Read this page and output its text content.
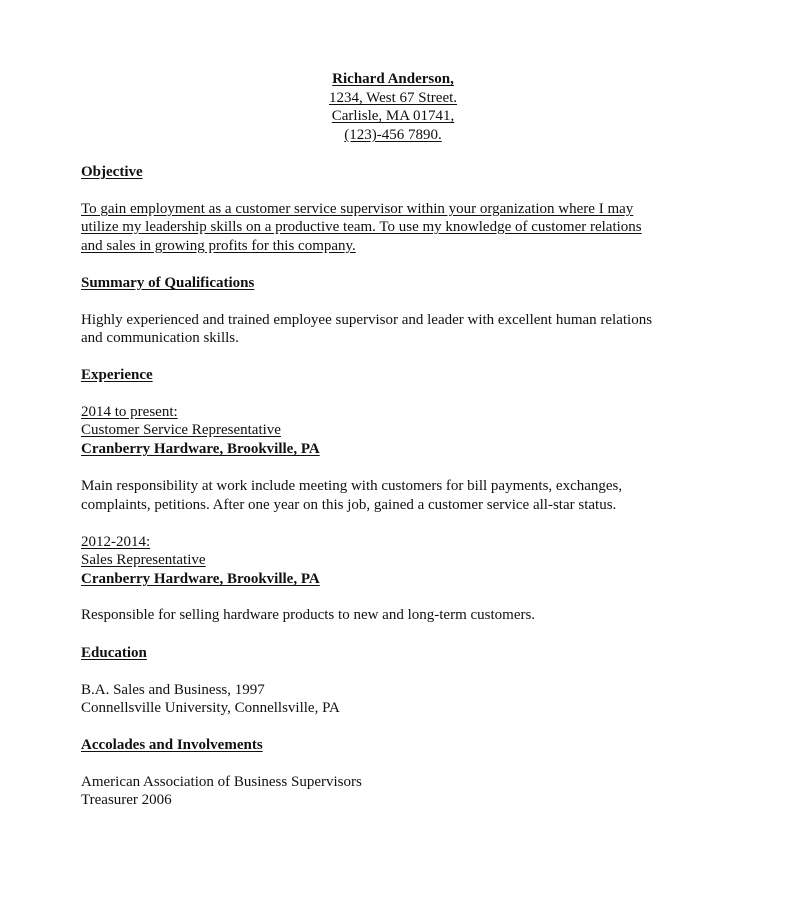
Richard Anderson,
1234, West 67 Street.
Carlisle, MA 01741,
(123)-456 7890.
Objective
To gain employment as a customer service supervisor within your organization where I may
utilize my leadership skills on a productive team. To use my knowledge of customer relations
and sales in growing profits for this company.
Summary of Qualifications
Highly experienced and trained employee supervisor and leader with excellent human relations
and communication skills.
Experience
2014 to present:
Customer Service Representative
Cranberry Hardware, Brookville, PA
Main responsibility at work include meeting with customers for bill payments, exchanges,
complaints, petitions. After one year on this job, gained a customer service all-star status.
2012-2014:
Sales Representative
Cranberry Hardware, Brookville, PA
Responsible for selling hardware products to new and long-term customers.
Education
B.A. Sales and Business, 1997
Connellsville University, Connellsville, PA
Accolades and Involvements
American Association of Business Supervisors
Treasurer 2006
